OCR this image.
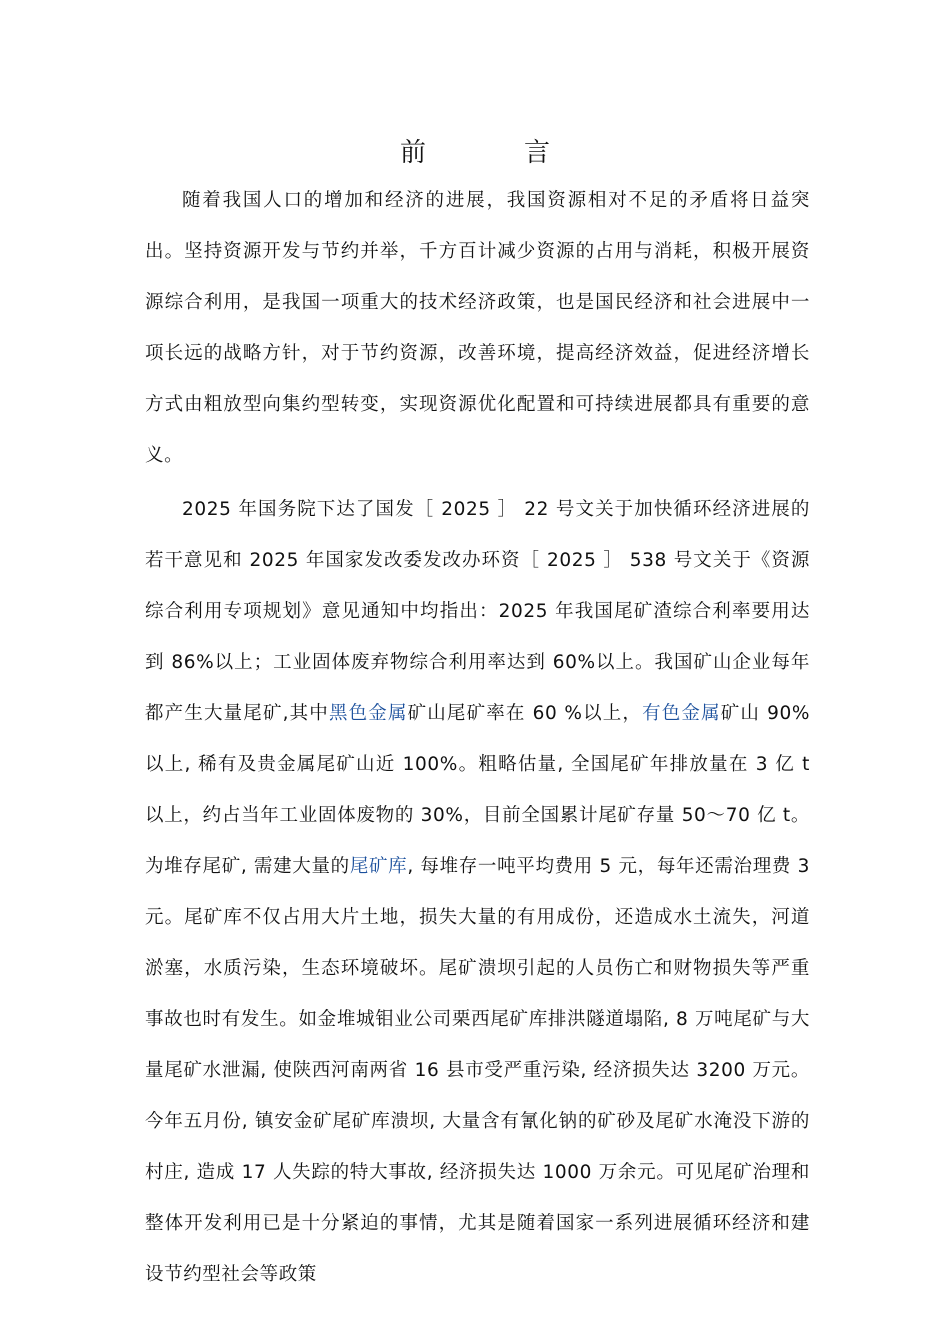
前　言

随着我国人口的增加和经济的进展，我国资源相对不足的矛盾将日益突出。坚持资源开发与节约并举，千方百计减少资源的占用与消耗，积极开展资源综合利用，是我国一项重大的技术经济政策，也是国民经济和社会进展中一项长远的战略方针，对于节约资源，改善环境，提高经济效益，促进经济增长方式由粗放型向集约型转变，实现资源优化配置和可持续进展都具有重要的意义。

2025 年国务院下达了国发［ 2025 ］ 22 号文关于加快循环经济进展的若干意见和 2025 年国家发改委发改办环资［ 2025 ］ 538 号文关于《资源综合利用专项规划》意见通知中均指出：2025 年我国尾矿渣综合利率要用达到 86%以上；工业固体废弃物综合利用率达到 60%以上。我国矿山企业每年都产生大量尾矿,其中黑色金属矿山尾矿率在 60 %以上，有色金属矿山 90%以上, 稀有及贵金属尾矿山近 100%。粗略估量, 全国尾矿年排放量在 3 亿 t 以上，约占当年工业固体废物的 30%，目前全国累计尾矿存量 50～70 亿 t。为堆存尾矿, 需建大量的尾矿库, 每堆存一吨平均费用 5 元，每年还需治理费 3 元。尾矿库不仅占用大片土地，损失大量的有用成份，还造成水土流失，河道淤塞，水质污染，生态环境破坏。尾矿溃坝引起的人员伤亡和财物损失等严重事故也时有发生。如金堆城钼业公司栗西尾矿库排洪隧道塌陷, 8 万吨尾矿与大量尾矿水泄漏, 使陕西河南两省 16 县市受严重污染, 经济损失达 3200 万元。今年五月份, 镇安金矿尾矿库溃坝, 大量含有氰化钠的矿砂及尾矿水淹没下游的村庄, 造成 17 人失踪的特大事故, 经济损失达 1000 万余元。可见尾矿治理和整体开发利用已是十分紧迫的事情，尤其是随着国家一系列进展循环经济和建设节约型社会等政策
